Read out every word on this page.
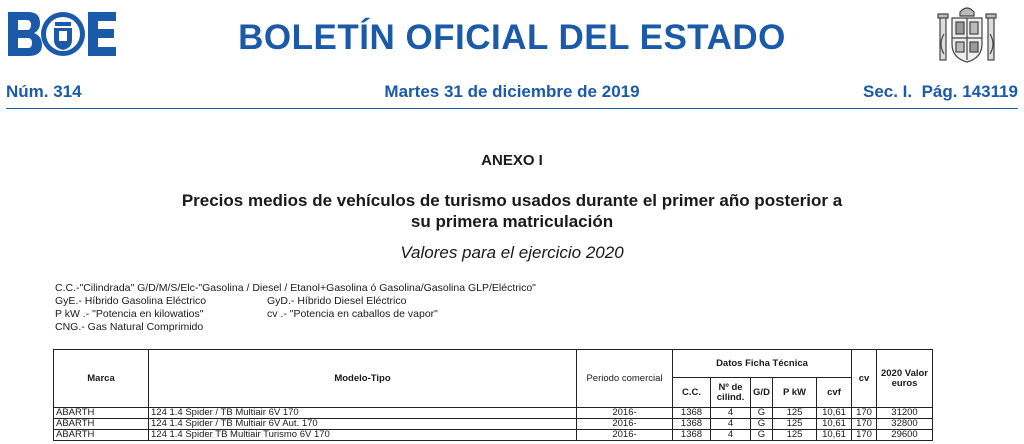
BOLETÍN OFICIAL DEL ESTADO
Núm. 314	Martes 31 de diciembre de 2019	Sec. I. Pág. 143119
ANEXO I
Precios medios de vehículos de turismo usados durante el primer año posterior a
su primera matriculación
Valores para el ejercicio 2020
C.C.-"Cilindrada" G/D/M/S/Elc-"Gasolina / Diesel / Etanol+Gasolina ó Gasolina/Gasolina GLP/Eléctrico"
GyE.- Híbrido Gasolina Eléctrico	GyD.- Híbrido Diesel Eléctrico
P kW .- "Potencia en kilowatios"	cv .- "Potencia en caballos de vapor"
CNG.- Gas Natural Comprimido
Marca	Modelo-Tipo	Periodo comercial	Datos Ficha Técnica					cv	2020 Valor euros
			C.C.	Nº de cilind.	G/D	P kW	cvf		
ABARTH	124 1.4 Spider / TB Multiair 6V 170	2016-	1368	4	G	125	10,61	170	31200
ABARTH	124 1.4 Spider / TB Multiair 6V Aut. 170	2016-	1368	4	G	125	10,61	170	32800
ABARTH	124 1.4 Spider TB Multiair Turismo 6V 170	2016-	1368	4	G	125	10,61	170	29600
